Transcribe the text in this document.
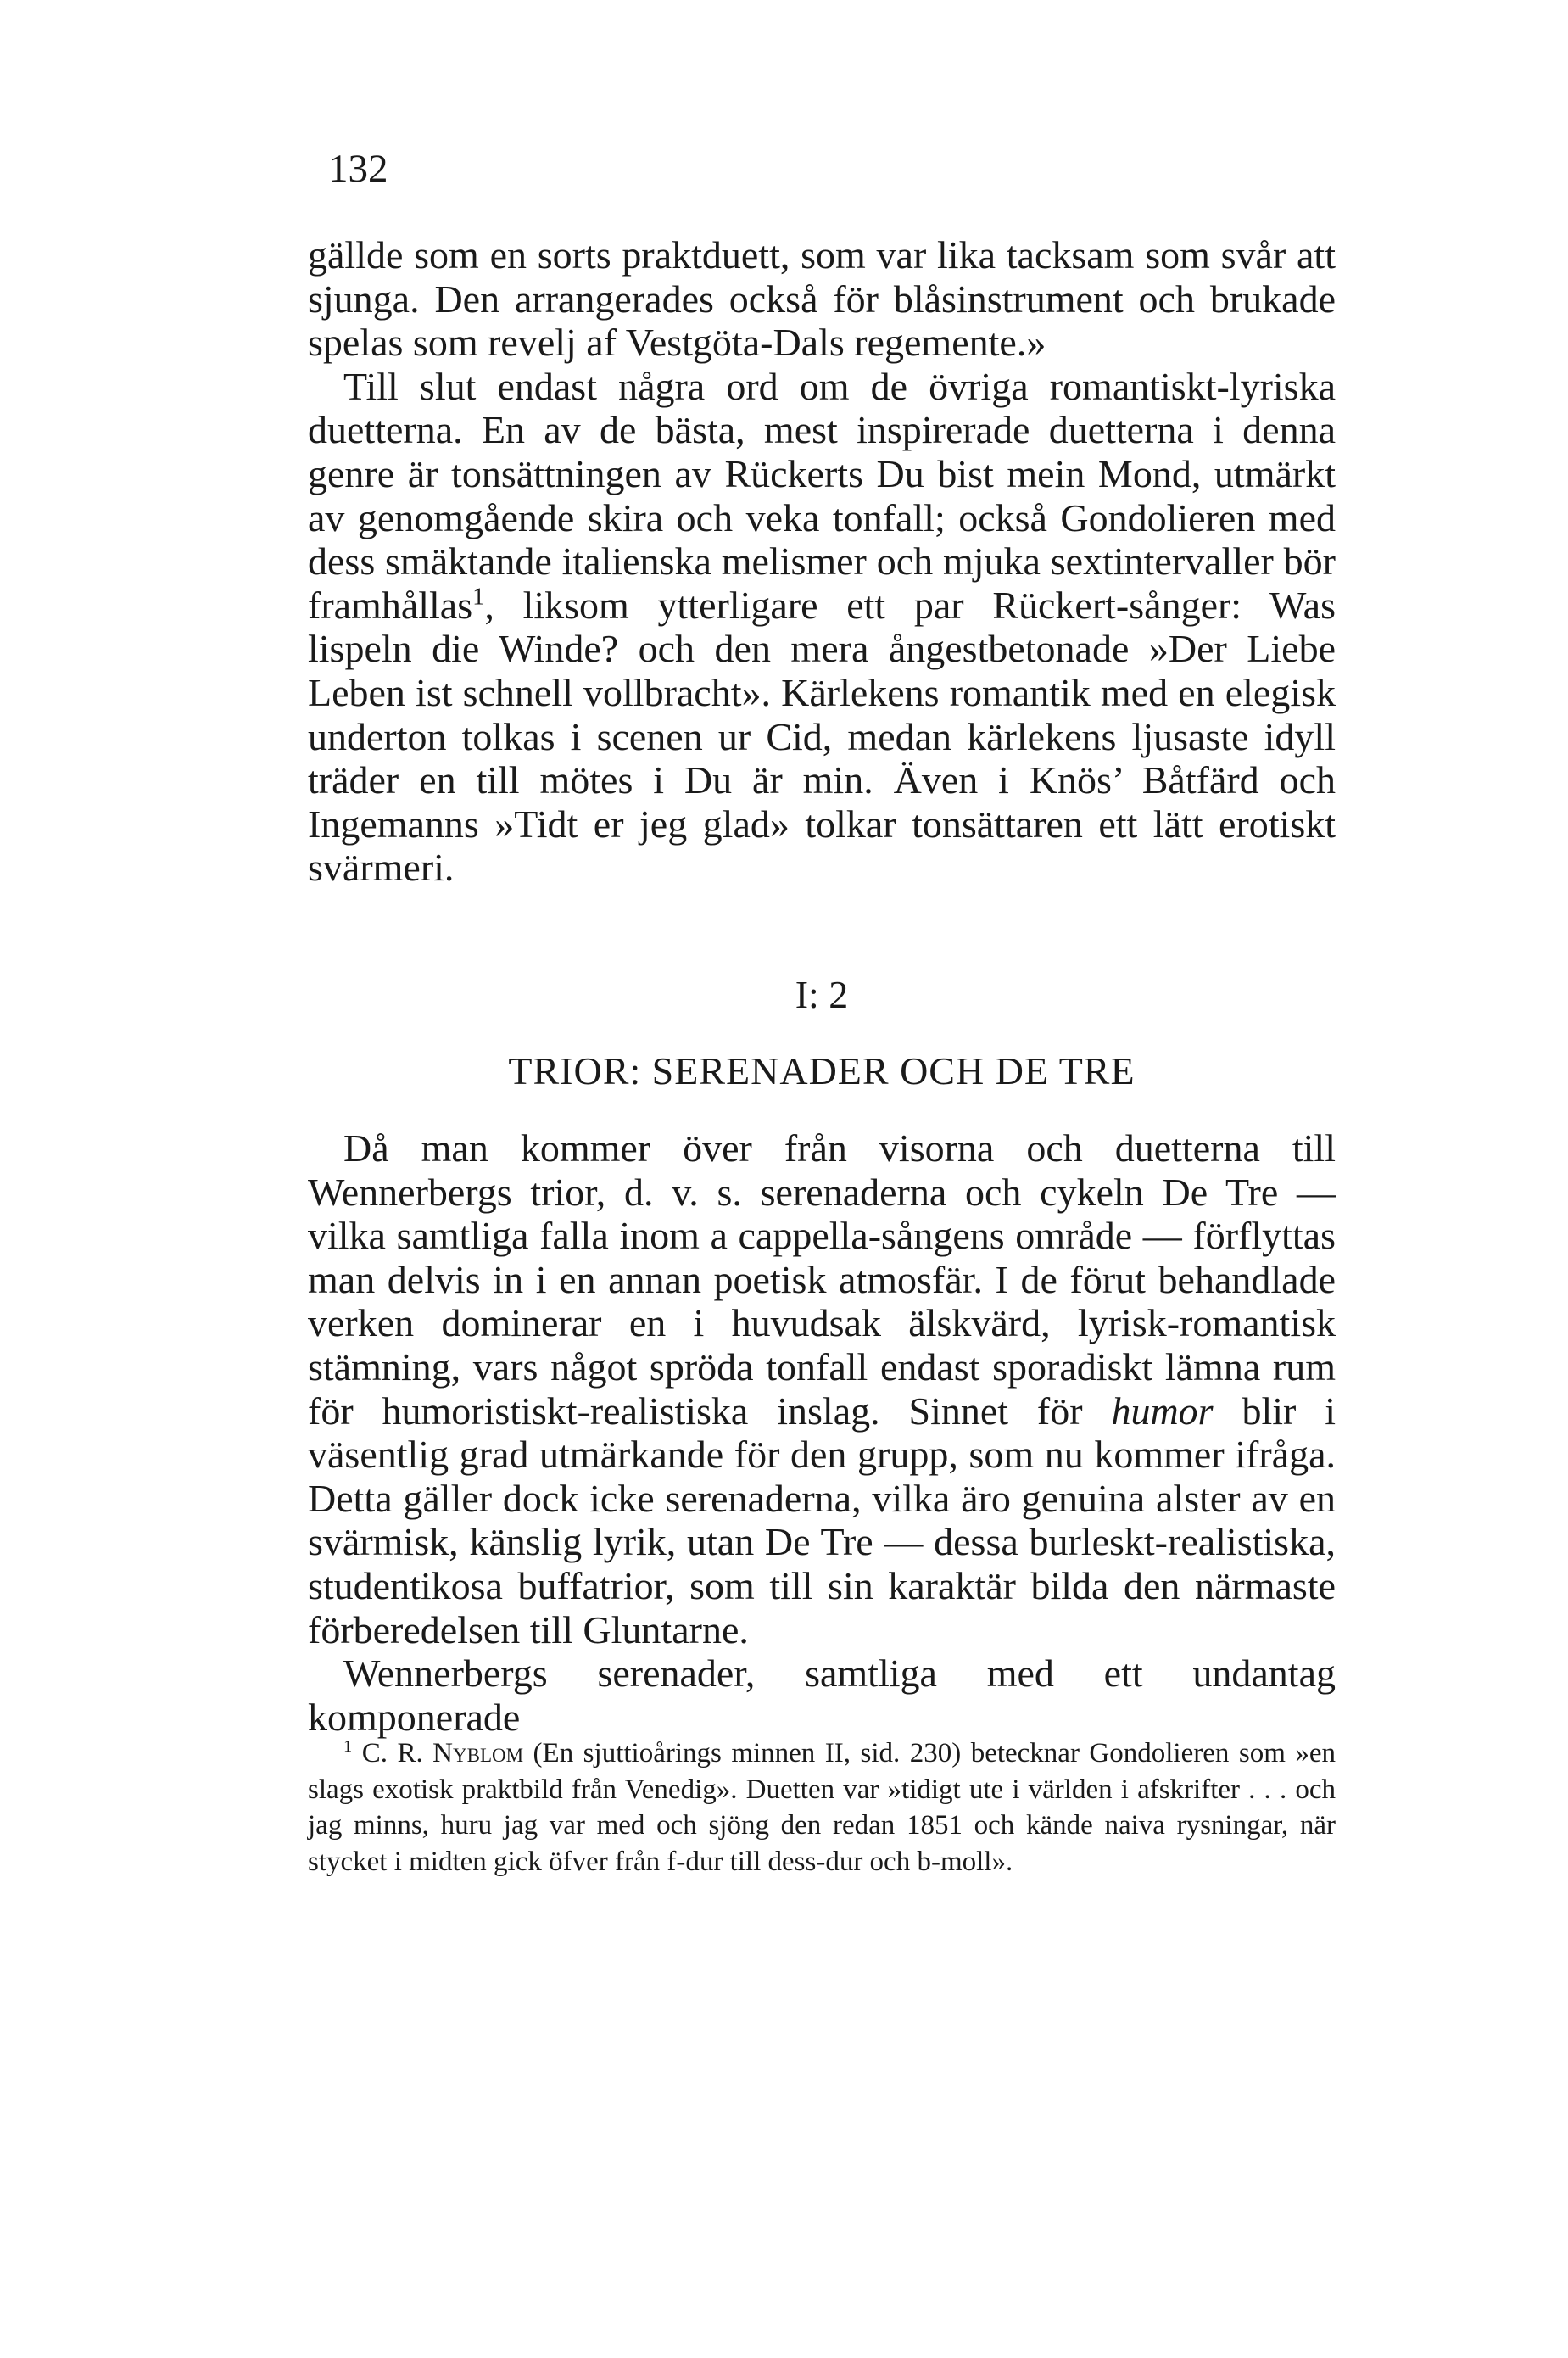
132

gällde som en sorts praktduett, som var lika tacksam som svår att sjunga. Den arrangerades också för blåsinstrument och brukade spelas som revelj af Vestgöta-Dals regemente.»

Till slut endast några ord om de övriga romantiskt-lyriska duetterna. En av de bästa, mest inspirerade duetterna i denna genre är tonsättningen av Rückerts Du bist mein Mond, utmärkt av genomgående skira och veka tonfall; också Gondolieren med dess smäktande italienska melismer och mjuka sextintervaller bör framhållas$^1$, liksom ytterligare ett par Rückert-sånger: Was lispeln die Winde? och den mera ångestbetonade »Der Liebe Leben ist schnell vollbracht». Kärlekens romantik med en elegisk underton tolkas i scenen ur Cid, medan kärlekens ljusaste idyll träder en till mötes i Du är min. Även i Knös’ Båtfärd och Ingemanns »Tidt er jeg glad» tolkar tonsättaren ett lätt erotiskt svärmeri.

I: 2
TRIOR: SERENADER OCH DE TRE

Då man kommer över från visorna och duetterna till Wennerbergs trior, d. v. s. serenaderna och cykeln De Tre — vilka samtliga falla inom a cappella-sångens område — förflyttas man delvis in i en annan poetisk atmosfär. I de förut behandlade verken dominerar en i huvudsak älskvärd, lyrisk-romantisk stämning, vars något spröda tonfall endast sporadiskt lämna rum för humoristiskt-realistiska inslag. Sinnet för humor blir i väsentlig grad utmärkande för den grupp, som nu kommer ifråga. Detta gäller dock icke serenaderna, vilka äro genuina alster av en svärmisk, känslig lyrik, utan De Tre — dessa burleskt-realistiska, studentikosa buffatrior, som till sin karaktär bilda den närmaste förberedelsen till Gluntarne.

Wennerbergs serenader, samtliga med ett undantag komponerade

$^1$ C. R. Nyblom (En sjuttioårings minnen II, sid. 230) betecknar Gondolieren som »en slags exotisk praktbild från Venedig». Duetten var »tidigt ute i världen i afskrifter . . . och jag minns, huru jag var med och sjöng den redan 1851 och kände naiva rysningar, när stycket i midten gick öfver från f-dur till dess-dur och b-moll».
